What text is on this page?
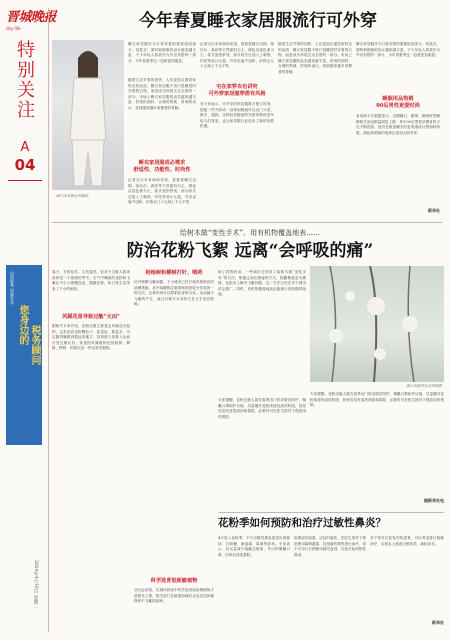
晋城晚报
city life
特别关注
A
04
山西税务 权威发布
您身边的 税务顾问
2024年4月16日 星期二
今年春夏睡衣家居服流行可外穿
图片由本报记者提供
睡衣家居服作为日常穿着的重要组成部分，其款式、面料和图案的设计越来越丰富，不少年轻人将其作为外出穿搭的一部分，今年春夏季这一趋势更加明显。
随着生活节奏的加快，人们更加注重居家时光的品质，睡衣家居服不再只是睡觉时穿着的衣物，而是成为体现生活态度的一部分。市场上睡衣家居服的品类越来越丰富，舒适的面料、合理的剪裁、时尚的设计，受到越来越多消费者的青睐。
睡衣家居服成必需求
舒适性、功能性、时尚性
记者走访多家商场发现，春夏款睡衣以棉、莫代尔、真丝等天然面料为主，颜色以浅色系为主，款式宽松舒适，部分款式还加入了刺绣、印花等设计元素，外穿也毫不违和，价格从几十元到上千元不等。
记者走访多家商场发现，春夏款睡衣以棉、莫代尔、真丝等天然面料为主，颜色以浅色系为主，款式宽松舒适，部分款式还加入了刺绣、印花等设计元素，外穿也毫不违和，价格从几十元到上千元不等。
宅在家穿衣也讲究
可外穿家居服穿搭有风格
有专家表示，可外穿的家居服既方便又时尚，搭配一件外套或一双休闲鞋就可以出门买菜、散步、遛狗，这种轻松随意的穿搭风格深受年轻人的喜爱，也让家居服行业迎来了新的发展机遇。
随着生活节奏的加快，人们更加注重居家时光的品质，睡衣家居服不再只是睡觉时穿着的衣物，而是成为体现生活态度的一部分。市场上睡衣家居服的品类越来越丰富，舒适的面料、合理的剪裁、时尚的设计，受到越来越多消费者的青睐。
睡衣家居服作为日常穿着的重要组成部分，其款式、面料和图案的设计越来越丰富，不少年轻人将其作为外出穿搭的一部分，今年春夏季这一趋势更加明显。
睡眠用品热销
00后男性更爱时尚
有电商平台数据显示，近期睡衣、眼罩、助眠枕等睡眠相关用品销量明显上涨，其中00后男性消费者的占比不断提高，他们在挑选睡衣时更看重设计感和时尚感，颜色和图案的选择也更加大胆多样。
新华社
给树木做“变性手术”、用有机物覆盖地表……
防治花粉飞絮 远离“会呼吸的痛”
春天，万物复苏，生机盎然，但对于过敏人群来说却是一个难熬的季节。空气中飘散的花粉和飞絮让不少人喷嚏连连、眼睛红肿，给日常生活带来了不小的困扰。
风媒花是导致过敏“元凶”
据相关专家介绍，花粉过敏主要是由风媒花引起的，这类花的花粉颗粒小、质量轻、数量多，可以随风飘散到很远的地方，容易被人体吸入从而引发过敏反应。常见的风媒植物包括杨树、柳树、桦树、松树以及一些杂草类植物。
给杨树和柳树打针、喷药
针对杨柳飞絮问题，不少城市已经开始采取相应的治理措施，其中给雌株注射抑制剂是较为常见的一种方法。这种药剂可以抑制花芽的分化，从而减少飞絮的产生，而且对树木本身的生长几乎没有影响。
科学选育低致敏植物
从长远来看，在城市绿化中科学选育低致敏植物才是根本之策，相关部门在新建绿地时会优先选择雄株和不飞絮的品种。
除了药物防治，一些城市还采用了给树木做“变性手术”的方法，即通过高位嫁接的方式，将雌株改造为雄株，从根本上解决飞絮问题，这一方法已经在多个城市试点推广。同时，有机物覆盖地表也能减少花粉随风扬起。
专家提醒，花粉过敏人群在春季出门时应做好防护，佩戴口罩和护目镜，尽量避开花粉浓度较高的时段，回家后及时清洗面部和鼻腔，必要时可在医生指导下提前用药预防。
图片由新华社记者提供
专家提醒，花粉过敏人群在春季出门时应做好防护，佩戴口罩和护目镜，尽量避开花粉浓度较高的时段，回家后及时清洗面部和鼻腔，必要时可在医生指导下提前用药预防。
据新华社电
花粉季如何预防和治疗过敏性鼻炎？
4月进入花粉季，不少过敏性鼻炎患者出现鼻痒、打喷嚏、流清涕、鼻塞等症状。专家表示，应尽量减少接触过敏原，外出时佩戴口罩，回家后清洗鼻腔。
如果症状较重，应及时就医，在医生指导下规范使用鼻喷激素、抗组胺药物等进行治疗，切不可自行长期使用减充血剂，以免引起药物性鼻炎。
对于常年反复发作的患者，可以考虑进行脱敏治疗，从根本上改善过敏体质，减轻症状。
新华社
